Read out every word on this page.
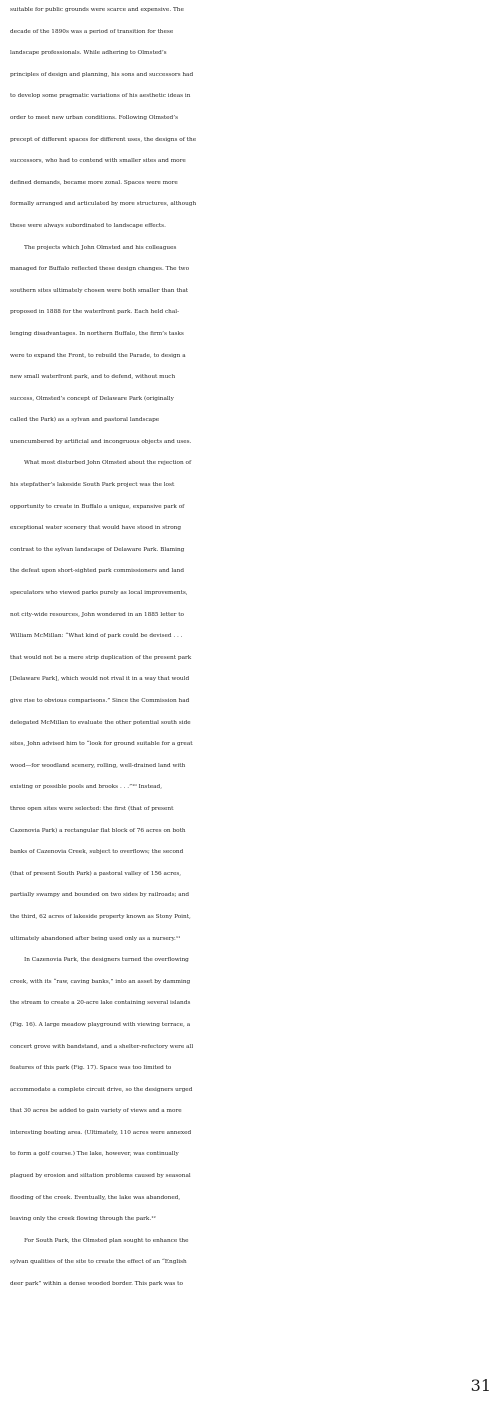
suitable for public grounds were scarce and expensive. The
decade of the 1890s was a period of transition for these
landscape professionals. While adhering to Olmsted’s
principles of design and planning, his sons and successors had
to develop some pragmatic variations of his aesthetic ideas in
order to meet new urban conditions. Following Olmsted’s
precept of different spaces for different uses, the designs of the
successors, who had to contend with smaller sites and more
defined demands, became more zonal. Spaces were more
formally arranged and articulated by more structures, although
these were always subordinated to landscape effects.
The projects which John Olmsted and his colleagues
managed for Buffalo reflected these design changes. The two
southern sites ultimately chosen were both smaller than that
proposed in 1888 for the waterfront park. Each held chal-
lenging disadvantages. In northern Buffalo, the firm’s tasks
were to expand the Front, to rebuild the Parade, to design a
new small waterfront park, and to defend, without much
success, Olmsted’s concept of Delaware Park (originally
called the Park) as a sylvan and pastoral landscape
unencumbered by artificial and incongruous objects and uses.
What most disturbed John Olmsted about the rejection of
his stepfather’s lakeside South Park project was the lost
opportunity to create in Buffalo a unique, expansive park of
exceptional water scenery that would have stood in strong
contrast to the sylvan landscape of Delaware Park. Blaming
the defeat upon short-sighted park commissioners and land
speculators who viewed parks purely as local improvements,
not city-wide resources, John wondered in an 1885 letter to
William McMillan: “What kind of park could be devised . . .
that would not be a mere strip duplication of the present park
[Delaware Park], which would not rival it in a way that would
give rise to obvious comparisons.” Since the Commission had
delegated McMillan to evaluate the other potential south side
sites, John advised him to “look for ground suitable for a great
wood—for woodland scenery, rolling, well-drained land with
existing or possible pools and brooks . . .”¹⁰ Instead,
three open sites were selected: the first (that of present
Cazenovia Park) a rectangular flat block of 76 acres on both
banks of Cazenovia Creek, subject to overflows; the second
(that of present South Park) a pastoral valley of 156 acres,
partially swampy and bounded on two sides by railroads; and
the third, 62 acres of lakeside property known as Stony Point,
ultimately abandoned after being used only as a nursery.¹¹
In Cazenovia Park, the designers turned the overflowing
creek, with its “raw, caving banks,” into an asset by damming
the stream to create a 20-acre lake containing several islands
(Fig. 16). A large meadow playground with viewing terrace, a
concert grove with bandstand, and a shelter-refectory were all
features of this park (Fig. 17). Space was too limited to
accommodate a complete circuit drive, so the designers urged
that 30 acres be added to gain variety of views and a more
interesting boating area. (Ultimately, 110 acres were annexed
to form a golf course.) The lake, however, was continually
plagued by erosion and siltation problems caused by seasonal
flooding of the creek. Eventually, the lake was abandoned,
leaving only the creek flowing through the park.¹²
For South Park, the Olmsted plan sought to enhance the
sylvan qualities of the site to create the effect of an “English
deer park” within a dense wooded border. This park was to
31
